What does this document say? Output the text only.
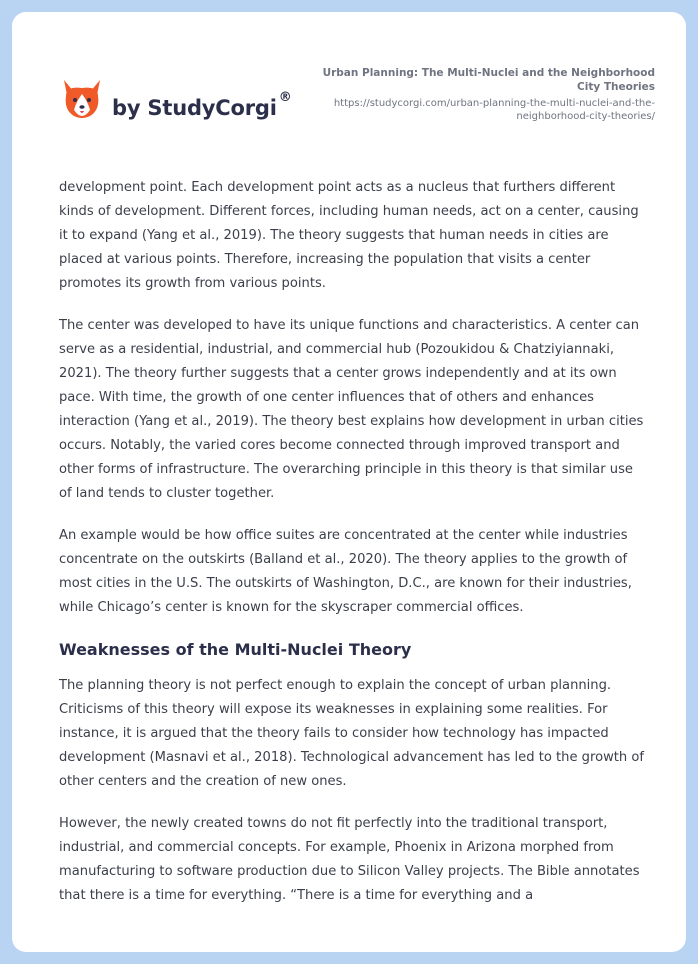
by StudyCorgi ®
Urban Planning: The Multi-Nuclei and the Neighborhood City Theories
https://studycorgi.com/urban-planning-the-multi-nuclei-and-the-neighborhood-city-theories/

development point. Each development point acts as a nucleus that furthers different kinds of development. Different forces, including human needs, act on a center, causing it to expand (Yang et al., 2019). The theory suggests that human needs in cities are placed at various points. Therefore, increasing the population that visits a center promotes its growth from various points.

The center was developed to have its unique functions and characteristics. A center can serve as a residential, industrial, and commercial hub (Pozoukidou & Chatziyiannaki, 2021). The theory further suggests that a center grows independently and at its own pace. With time, the growth of one center influences that of others and enhances interaction (Yang et al., 2019). The theory best explains how development in urban cities occurs. Notably, the varied cores become connected through improved transport and other forms of infrastructure. The overarching principle in this theory is that similar use of land tends to cluster together.

An example would be how office suites are concentrated at the center while industries concentrate on the outskirts (Balland et al., 2020). The theory applies to the growth of most cities in the U.S. The outskirts of Washington, D.C., are known for their industries, while Chicago’s center is known for the skyscraper commercial offices.

Weaknesses of the Multi-Nuclei Theory

The planning theory is not perfect enough to explain the concept of urban planning. Criticisms of this theory will expose its weaknesses in explaining some realities. For instance, it is argued that the theory fails to consider how technology has impacted development (Masnavi et al., 2018). Technological advancement has led to the growth of other centers and the creation of new ones.

However, the newly created towns do not fit perfectly into the traditional transport, industrial, and commercial concepts. For example, Phoenix in Arizona morphed from manufacturing to software production due to Silicon Valley projects. The Bible annotates that there is a time for everything. “There is a time for everything and a
